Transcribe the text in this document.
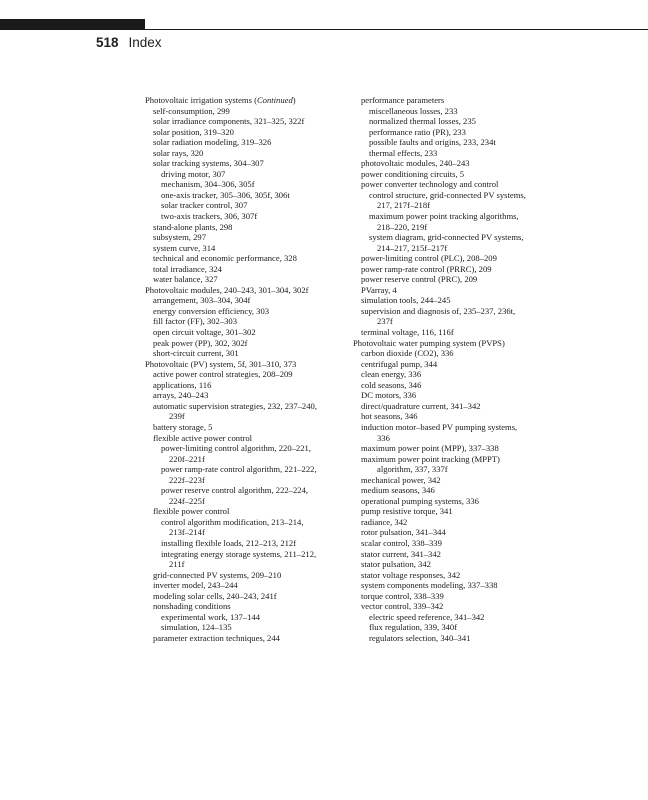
518 Index
Photovoltaic irrigation systems (Continued)
self-consumption, 299
solar irradiance components, 321–325, 322f
solar position, 319–320
solar radiation modeling, 319–326
solar rays, 320
solar tracking systems, 304–307
driving motor, 307
mechanism, 304–306, 305f
one-axis tracker, 305–306, 305f, 306t
solar tracker control, 307
two-axis trackers, 306, 307f
stand-alone plants, 298
subsystem, 297
system curve, 314
technical and economic performance, 328
total irradiance, 324
water balance, 327
Photovoltaic modules, 240–243, 301–304, 302f
arrangement, 303–304, 304f
energy conversion efficiency, 303
fill factor (FF), 302–303
open circuit voltage, 301–302
peak power (PP), 302, 302f
short-circuit current, 301
Photovoltaic (PV) system, 5f, 301–310, 373
active power control strategies, 208–209
applications, 116
arrays, 240–243
automatic supervision strategies, 232, 237–240,
239f
battery storage, 5
flexible active power control
power-limiting control algorithm, 220–221,
220f–221f
power ramp-rate control algorithm, 221–222,
222f–223f
power reserve control algorithm, 222–224,
224f–225f
flexible power control
control algorithm modification, 213–214,
213f–214f
installing flexible loads, 212–213, 212f
integrating energy storage systems, 211–212,
211f
grid-connected PV systems, 209–210
inverter model, 243–244
modeling solar cells, 240–243, 241f
nonshading conditions
experimental work, 137–144
simulation, 124–135
parameter extraction techniques, 244
performance parameters
miscellaneous losses, 233
normalized thermal losses, 235
performance ratio (PR), 233
possible faults and origins, 233, 234t
thermal effects, 233
photovoltaic modules, 240–243
power conditioning circuits, 5
power converter technology and control
control structure, grid-connected PV systems,
217, 217f–218f
maximum power point tracking algorithms,
218–220, 219f
system diagram, grid-connected PV systems,
214–217, 215f–217f
power-limiting control (PLC), 208–209
power ramp-rate control (PRRC), 209
power reserve control (PRC), 209
PVarray, 4
simulation tools, 244–245
supervision and diagnosis of, 235–237, 236t,
237f
terminal voltage, 116, 116f
Photovoltaic water pumping system (PVPS)
carbon dioxide (CO2), 336
centrifugal pump, 344
clean energy, 336
cold seasons, 346
DC motors, 336
direct/quadrature current, 341–342
hot seasons, 346
induction motor–based PV pumping systems,
336
maximum power point (MPP), 337–338
maximum power point tracking (MPPT)
algorithm, 337, 337f
mechanical power, 342
medium seasons, 346
operational pumping systems, 336
pump resistive torque, 341
radiance, 342
rotor pulsation, 341–344
scalar control, 338–339
stator current, 341–342
stator pulsation, 342
stator voltage responses, 342
system components modeling, 337–338
torque control, 338–339
vector control, 339–342
electric speed reference, 341–342
flux regulation, 339, 340f
regulators selection, 340–341
